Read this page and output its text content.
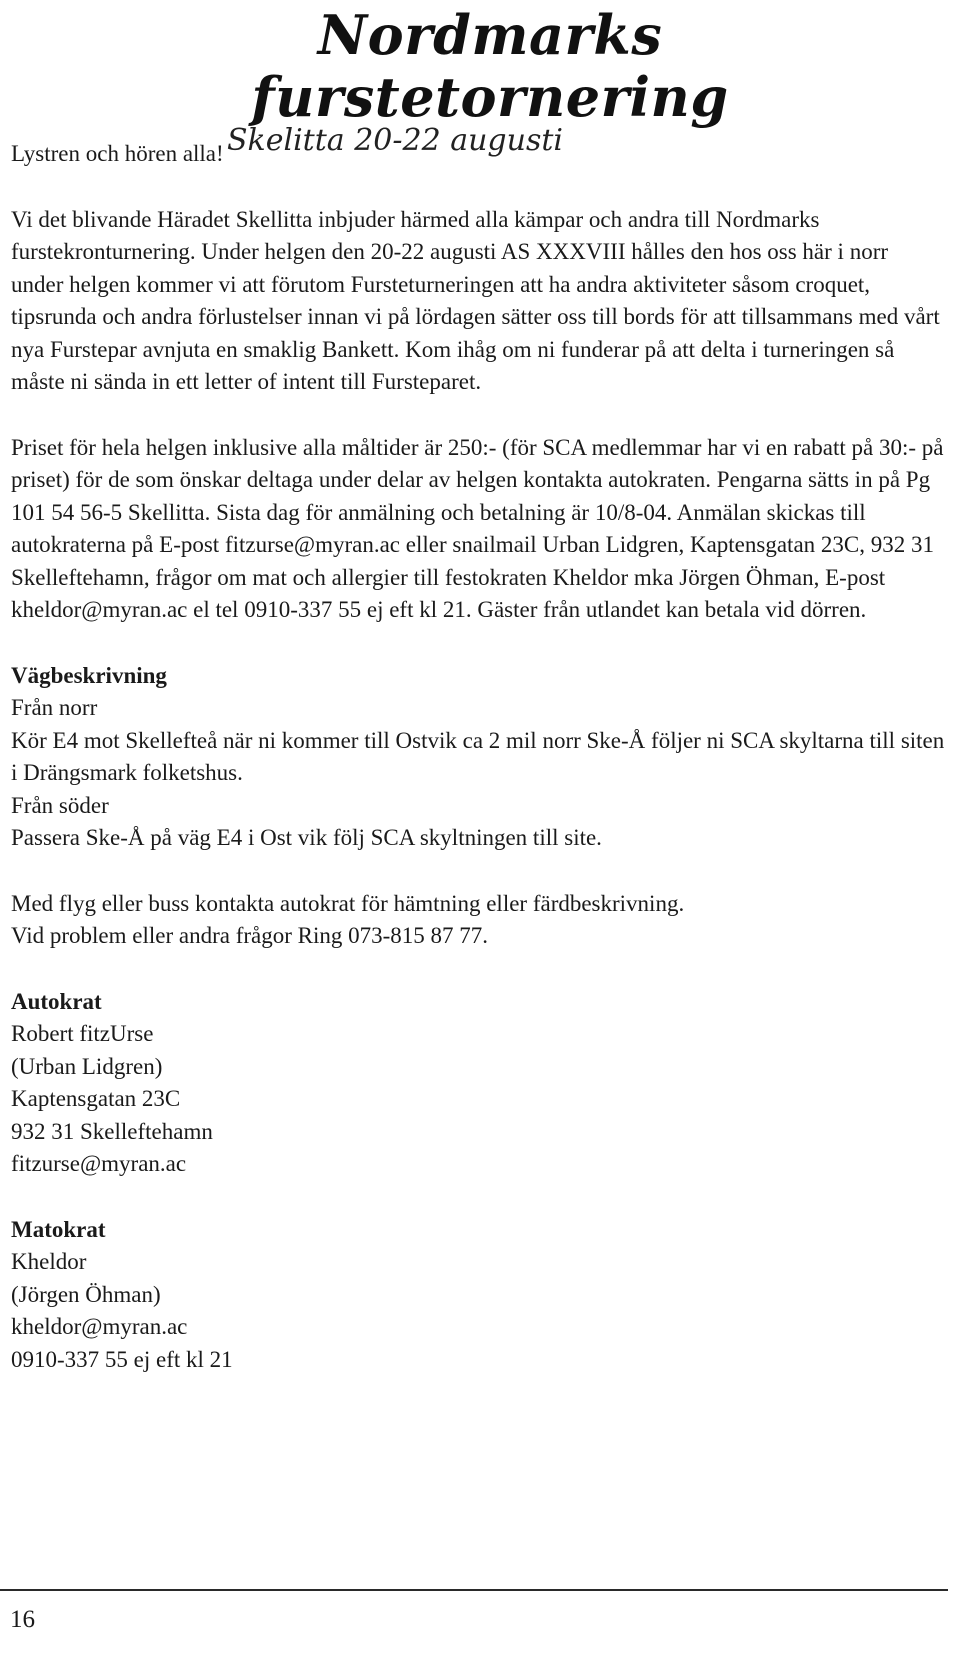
Nordmarks furstetornering
Skelitta 20-22 augusti

Lystren och hören alla!

Vi det blivande Häradet Skellitta inbjuder härmed alla kämpar och andra till Nordmarks furstekronturnering. Under helgen den 20-22 augusti AS XXXVIII hålles den hos oss här i norr under helgen kommer vi att förutom Fursteturneringen att ha andra aktiviteter såsom croquet, tipsrunda och andra förlustelser innan vi på lördagen sätter oss till bords för att tillsammans med vårt nya Furstepar avnjuta en smaklig Bankett. Kom ihåg om ni funderar på att delta i turneringen så måste ni sända in ett letter of intent till Fursteparet.

Priset för hela helgen inklusive alla måltider är 250:- (för SCA medlemmar har vi en rabatt på 30:- på priset) för de som önskar deltaga under delar av helgen kontakta autokraten. Pengarna sätts in på Pg 101 54 56-5 Skellitta. Sista dag för anmälning och betalning är 10/8-04. Anmälan skickas till autokraterna på E-post fitzurse@myran.ac eller snailmail Urban Lidgren, Kaptensgatan 23C, 932 31 Skelleftehamn, frågor om mat och allergier till festokraten Kheldor mka Jörgen Öhman, E-post kheldor@myran.ac el tel 0910-337 55 ej eft kl 21. Gäster från utlandet kan betala vid dörren.

Vägbeskrivning
Från norr
Kör E4 mot Skellefteå när ni kommer till Ostvik ca 2 mil norr Ske-Å följer ni SCA skyltarna till siten i Drängsmark folketshus.
Från söder
Passera Ske-Å på väg E4 i Ost vik följ SCA skyltningen till site.
Med flyg eller buss kontakta autokrat för hämtning eller färdbeskrivning.
Vid problem eller andra frågor Ring 073-815 87 77.
Autokrat
Robert fitzUrse
(Urban Lidgren)
Kaptensgatan 23C
932 31 Skelleftehamn
fitzurse@myran.ac
Matokrat
Kheldor
(Jörgen Öhman)
kheldor@myran.ac
0910-337 55 ej eft kl 21
16
